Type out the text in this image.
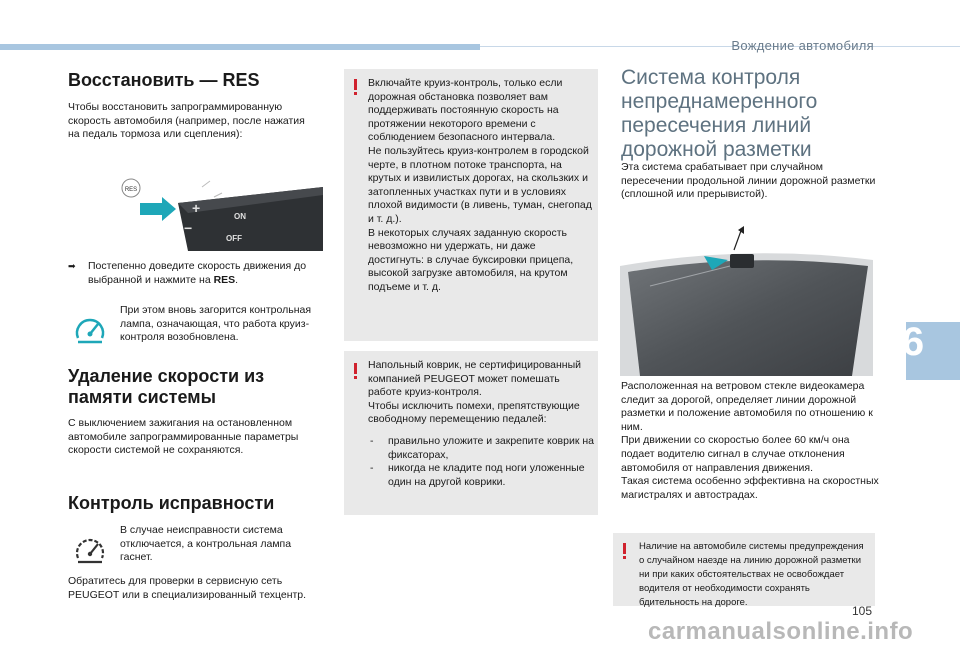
Вождение автомобиля
Восстановить — RES
Чтобы восстановить запрограммированную скорость автомобиля (например, после нажатия на педаль тормоза или сцепления):
RES
+
−
ON
OFF
➡	Постепенно доведите скорость движения до выбранной и нажмите на RES.
При этом вновь загорится контрольная лампа, означающая, что работа круиз-контроля возобновлена.
Удаление скорости из
памяти системы
С выключением зажигания на остановленном автомобиле запрограммированные параметры скорости системой не сохраняются.
Контроль исправности
В случае неисправности система отключается, а контрольная лампа гаснет.
Обратитесь для проверки в сервисную сеть PEUGEOT или в специализированный техцентр.
Включайте круиз-контроль, только если дорожная обстановка позволяет вам поддерживать постоянную скорость на протяжении некоторого времени с соблюдением безопасного интервала.
Не пользуйтесь круиз-контролем в городской черте, в плотном потоке транспорта, на крутых и извилистых дорогах, на скользких и затопленных участках пути и в условиях плохой видимости (в ливень, туман, снегопад и т. д.).
В некоторых случаях заданную скорость невозможно ни удержать, ни даже достигнуть: в случае буксировки прицепа, высокой загрузке автомобиля, на крутом подъеме и т. д.
Напольный коврик, не сертифицированный компанией PEUGEOT может помешать работе круиз-контроля.
Чтобы исключить помехи, препятствующие свободному перемещению педалей:
- правильно уложите и закрепите коврик на фиксаторах,
- никогда не кладите под ноги уложенные один на другой коврики.
Система контроля непреднамеренного пересечения линий дорожной разметки
Эта система срабатывает при случайном пересечении продольной линии дорожной разметки (сплошной или прерывистой).
Расположенная на ветровом стекле видеокамера следит за дорогой, определяет линии дорожной разметки и положение автомобиля по отношению к ним.
При движении со скоростью более 60 км/ч она подает водителю сигнал в случае отклонения автомобиля от направления движения.
Такая система особенно эффективна на скоростных магистралях и автострадах.
Наличие на автомобиле системы предупреждения о случайном наезде на линию дорожной разметки ни при каких обстоятельствах не освобождает водителя от необходимости сохранять бдительность на дороге.
6
105
carmanualsonline.info
